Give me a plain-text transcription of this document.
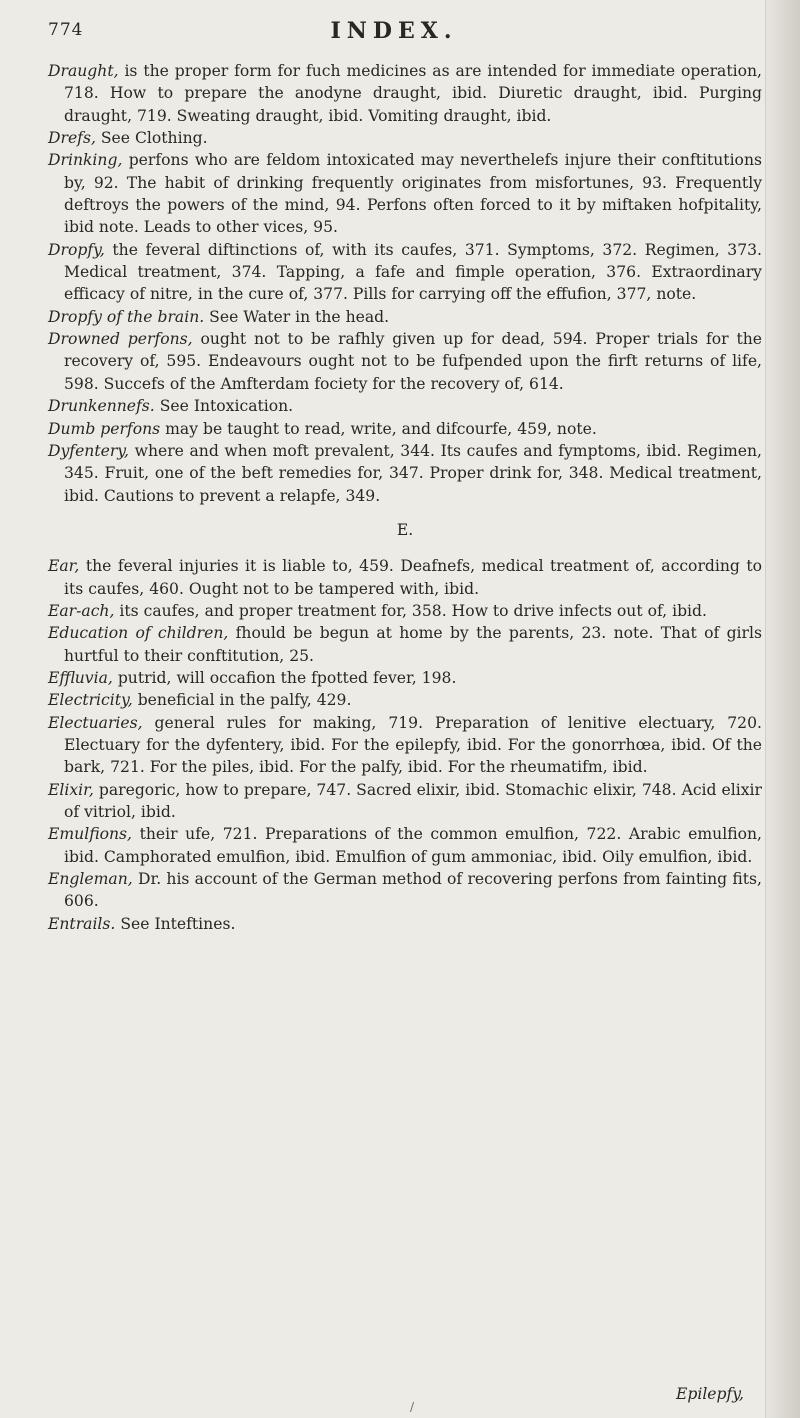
774	INDEX.

Draught, is the proper form for fuch medicines as are intended for immediate operation, 718. How to prepare the anodyne draught, ibid. Diuretic draught, ibid. Purging draught, 719. Sweating draught, ibid. Vomiting draught, ibid.

Drefs, See Clothing.

Drinking, perfons who are feldom intoxicated may neverthelefs injure their conftitutions by, 92. The habit of drinking frequently originates from misfortunes, 93. Frequently deftroys the powers of the mind, 94. Perfons often forced to it by miftaken hofpitality, ibid note. Leads to other vices, 95.

Dropfy, the feveral diftinctions of, with its caufes, 371. Symptoms, 372. Regimen, 373. Medical treatment, 374. Tapping, a fafe and fimple operation, 376. Extraordinary efficacy of nitre, in the cure of, 377. Pills for carrying off the effufion, 377, note.

Dropfy of the brain. See Water in the head.

Drowned perfons, ought not to be rafhly given up for dead, 594. Proper trials for the recovery of, 595. Endeavours ought not to be fufpended upon the firft returns of life, 598. Succefs of the Amfterdam fociety for the recovery of, 614.

Drunkennefs. See Intoxication.

Dumb perfons may be taught to read, write, and difcourfe, 459, note.

Dyfentery, where and when moft prevalent, 344. Its caufes and fymptoms, ibid. Regimen, 345. Fruit, one of the beft remedies for, 347. Proper drink for, 348. Medical treatment, ibid. Cautions to prevent a relapfe, 349.

E.

Ear, the feveral injuries it is liable to, 459. Deafnefs, medical treatment of, according to its caufes, 460. Ought not to be tampered with, ibid.

Ear-ach, its caufes, and proper treatment for, 358. How to drive infects out of, ibid.

Education of children, fhould be begun at home by the parents, 23. note. That of girls hurtful to their conftitution, 25.

Effluvia, putrid, will occafion the fpotted fever, 198.

Electricity, beneficial in the palfy, 429.

Electuaries, general rules for making, 719. Preparation of lenitive electuary, 720. Electuary for the dyfentery, ibid. For the epilepfy, ibid. For the gonorrhœa, ibid. Of the bark, 721. For the piles, ibid. For the palfy, ibid. For the rheumatifm, ibid.

Elixir, paregoric, how to prepare, 747. Sacred elixir, ibid. Stomachic elixir, 748. Acid elixir of vitriol, ibid.

Emulfions, their ufe, 721. Preparations of the common emulfion, 722. Arabic emulfion, ibid. Camphorated emulfion, ibid. Emulfion of gum ammoniac, ibid. Oily emulfion, ibid.

Engleman, Dr. his account of the German method of recovering perfons from fainting fits, 606.

Entrails. See Inteftines.

Epilepfy,
/
